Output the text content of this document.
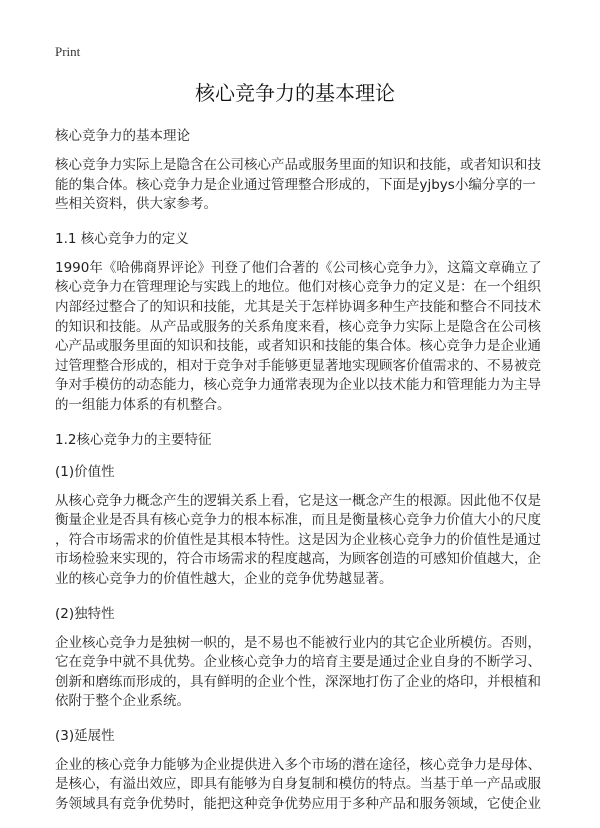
Print
核心竞争力的基本理论
核心竞争力的基本理论

核心竞争力实际上是隐含在公司核心产品或服务里面的知识和技能，或者知识和技
能的集合体。核心竞争力是企业通过管理整合形成的，下面是yjbys小编分享的一
些相关资料，供大家参考。

1.1 核心竞争力的定义

1990年《哈佛商界评论》刊登了他们合著的《公司核心竞争力》，这篇文章确立了
核心竞争力在管理理论与实践上的地位。他们对核心竞争力的定义是：在一个组织
内部经过整合了的知识和技能，尤其是关于怎样协调多种生产技能和整合不同技术
的知识和技能。从产品或服务的关系角度来看，核心竞争力实际上是隐含在公司核
心产品或服务里面的知识和技能，或者知识和技能的集合体。核心竞争力是企业通
过管理整合形成的，相对于竞争对手能够更显著地实现顾客价值需求的、不易被竞
争对手模仿的动态能力，核心竞争力通常表现为企业以技术能力和管理能力为主导
的一组能力体系的有机整合。

1.2核心竞争力的主要特征
(1)价值性

从核心竞争力概念产生的逻辑关系上看，它是这一概念产生的根源。因此他不仅是
衡量企业是否具有核心竞争力的根本标准，而且是衡量核心竞争力价值大小的尺度
，符合市场需求的价值性是其根本特性。这是因为企业核心竞争力的价值性是通过
市场检验来实现的，符合市场需求的程度越高，为顾客创造的可感知价值越大，企
业的核心竞争力的价值性越大，企业的竞争优势越显著。

(2)独特性

企业核心竞争力是独树一帜的，是不易也不能被行业内的其它企业所模仿。否则，
它在竞争中就不具优势。企业核心竞争力的培育主要是通过企业自身的不断学习、
创新和磨练而形成的，具有鲜明的企业个性，深深地打伤了企业的烙印，并根植和
依附于整个企业系统。

(3)延展性

企业的核心竞争力能够为企业提供进入多个市场的潜在途径，核心竞争力是母体、
是核心，有溢出效应，即具有能够为自身复制和模仿的特点。当基于单一产品或服
务领域具有竞争优势时，能把这种竞争优势应用于多种产品和服务领域，它使企业
